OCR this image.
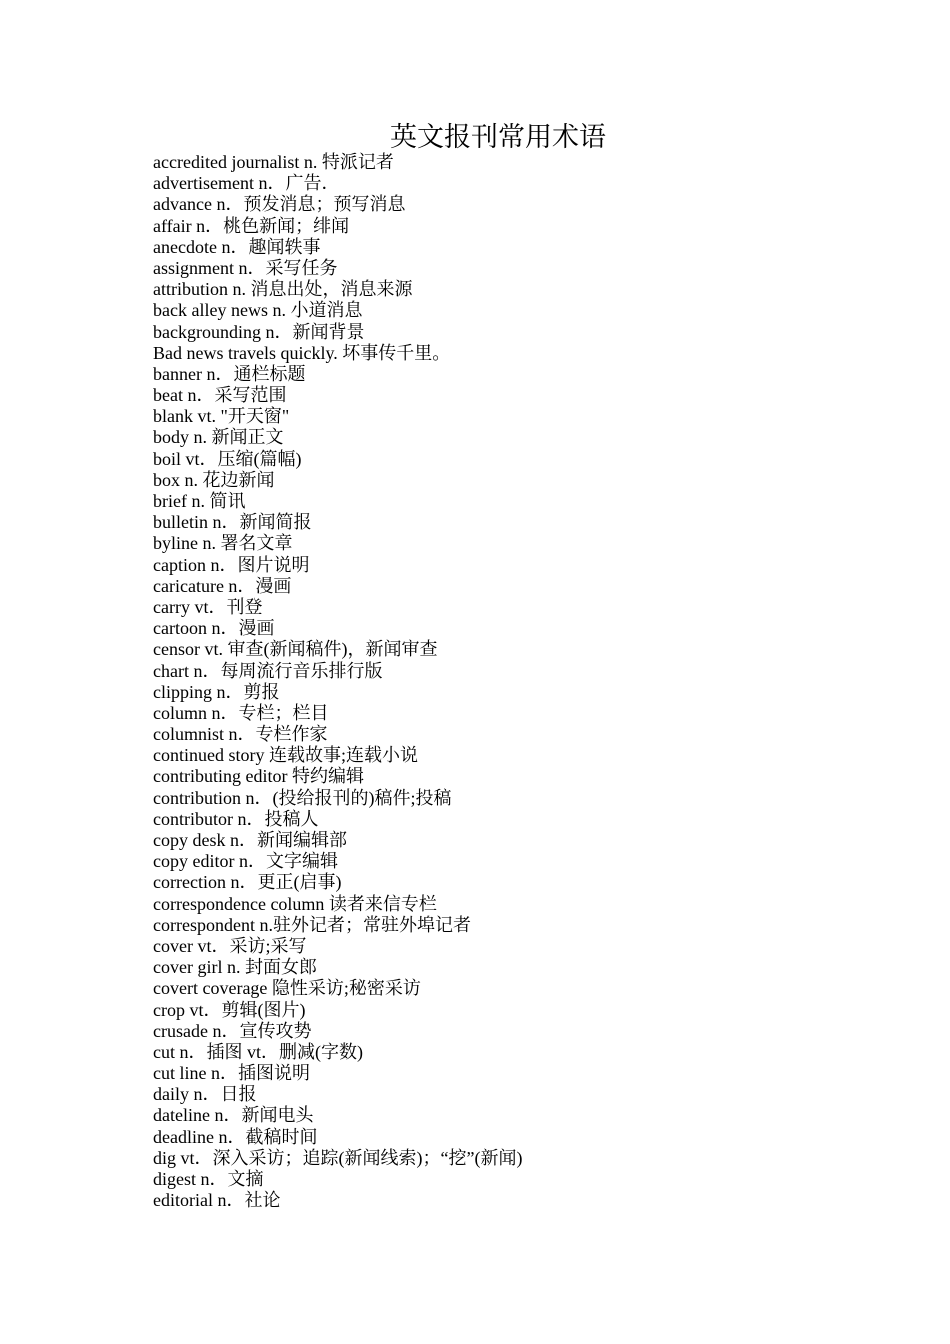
英文报刊常用术语
accredited journalist n. 特派记者
advertisement n．广告．
advance n．预发消息；预写消息
affair n．桃色新闻；绯闻
anecdote n．趣闻轶事
assignment n．采写任务
attribution n. 消息出处，消息来源
back alley news n. 小道消息
backgrounding n．新闻背景
Bad news travels quickly. 坏事传千里。
banner n．通栏标题
beat n．采写范围
blank vt. "开天窗"
body n. 新闻正文
boil vt．压缩(篇幅)
box n. 花边新闻
brief n. 简讯
bulletin n．新闻简报
byline n. 署名文章
caption n．图片说明
caricature n．漫画
carry vt．刊登
cartoon n．漫画
censor vt. 审查(新闻稿件)，新闻审查
chart n．每周流行音乐排行版
clipping n．剪报
column n．专栏；栏目
columnist n．专栏作家
continued story 连载故事;连载小说
contributing editor 特约编辑
contribution n．(投给报刊的)稿件;投稿
contributor n．投稿人
copy desk n．新闻编辑部
copy editor n．文字编辑
correction n．更正(启事)
correspondence column 读者来信专栏
correspondent n.驻外记者；常驻外埠记者
cover vt．采访;采写
cover girl n. 封面女郎
covert coverage 隐性采访;秘密采访
crop vt．剪辑(图片)
crusade n．宣传攻势
cut n．插图 vt．删减(字数)
cut line n．插图说明
daily n．日报
dateline n．新闻电头
deadline n．截稿时间
dig vt．深入采访；追踪(新闻线索)；“挖”(新闻)
digest n．文摘
editorial n．社论
